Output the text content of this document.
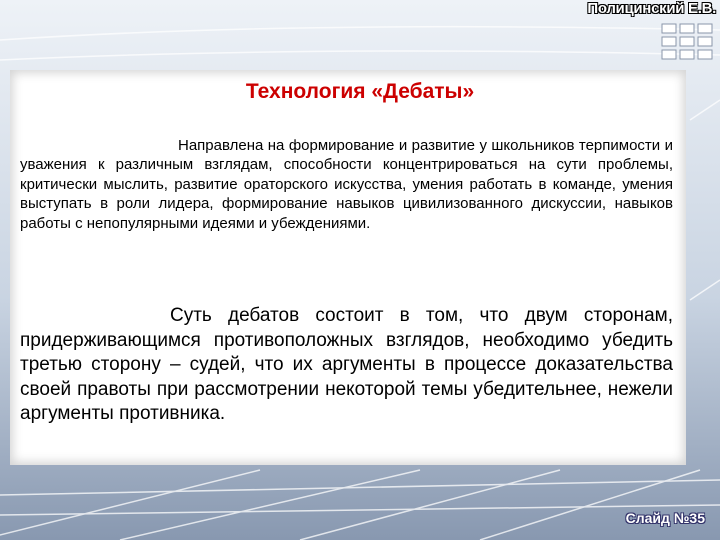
Полицинский Е.В.
Технология «Дебаты»
Направлена на формирование и развитие у школьников терпимости и уважения к различным взглядам, способности концентрироваться на сути проблемы, критически мыслить, развитие ораторского искусства, умения работать в команде, умения выступать в роли лидера, формирование навыков цивилизованного дискуссии, навыков работы с непопулярными идеями и убеждениями.
Суть дебатов состоит в том, что двум сторонам, придерживающимся противоположных взглядов, необходимо убедить третью сторону – судей, что их аргументы в процессе доказательства своей правоты при рассмотрении некоторой темы убедительнее, нежели аргументы противника.
Слайд №35
